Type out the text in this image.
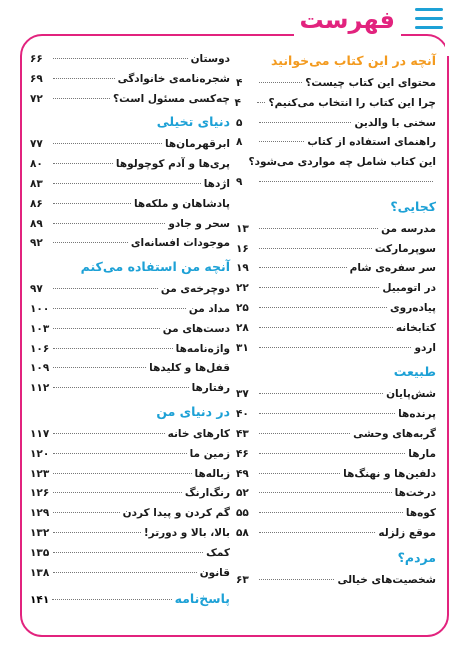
فهرست
آنچه در این کتاب می‌خوانید
محتوای این کتاب چیست؟
۴
چرا این کتاب را انتخاب می‌کنیم؟
۴
سخنی با والدین
۵
راهنمای استفاده از کتاب
۸
این کتاب شامل چه مواردی می‌شود؟
۹
کجایی؟
مدرسه من
۱۳
سوپرمارکت
۱۶
سر سفره‌ی شام
۱۹
در اتومبیل
۲۲
پیاده‌روی
۲۵
کتابخانه
۲۸
اردو
۳۱
طبیعت
شش‌پایان
۳۷
پرنده‌ها
۴۰
گربه‌های وحشی
۴۳
مارها
۴۶
دلفین‌ها و نهنگ‌ها
۴۹
درخت‌ها
۵۲
کوه‌ها
۵۵
موقع زلزله
۵۸
مردم؟
شخصیت‌های خیالی
۶۳
دوستان
۶۶
شجره‌نامه‌ی خانوادگی
۶۹
چه‌کسی مسئول است؟
۷۲
دنیای تخیلی
ابرقهرمان‌ها
۷۷
پری‌ها و آدم کوچولوها
۸۰
اژدها
۸۳
پادشاهان و ملکه‌ها
۸۶
سحر و جادو
۸۹
موجودات افسانه‌ای
۹۲
آنچه من استفاده می‌کنم
دوچرخه‌ی من
۹۷
مداد من
۱۰۰
دست‌های من
۱۰۳
واژه‌نامه‌ها
۱۰۶
قفل‌ها و کلیدها
۱۰۹
رفتارها
۱۱۲
در دنیای من
کارهای خانه
۱۱۷
زمین ما
۱۲۰
زباله‌ها
۱۲۳
رنگ‌ارنگ
۱۲۶
گم کردن و پیدا کردن
۱۲۹
بالا، بالا و دورتر!
۱۳۲
کمک
۱۳۵
قانون
۱۳۸
پاسخ‌نامه
۱۴۱
